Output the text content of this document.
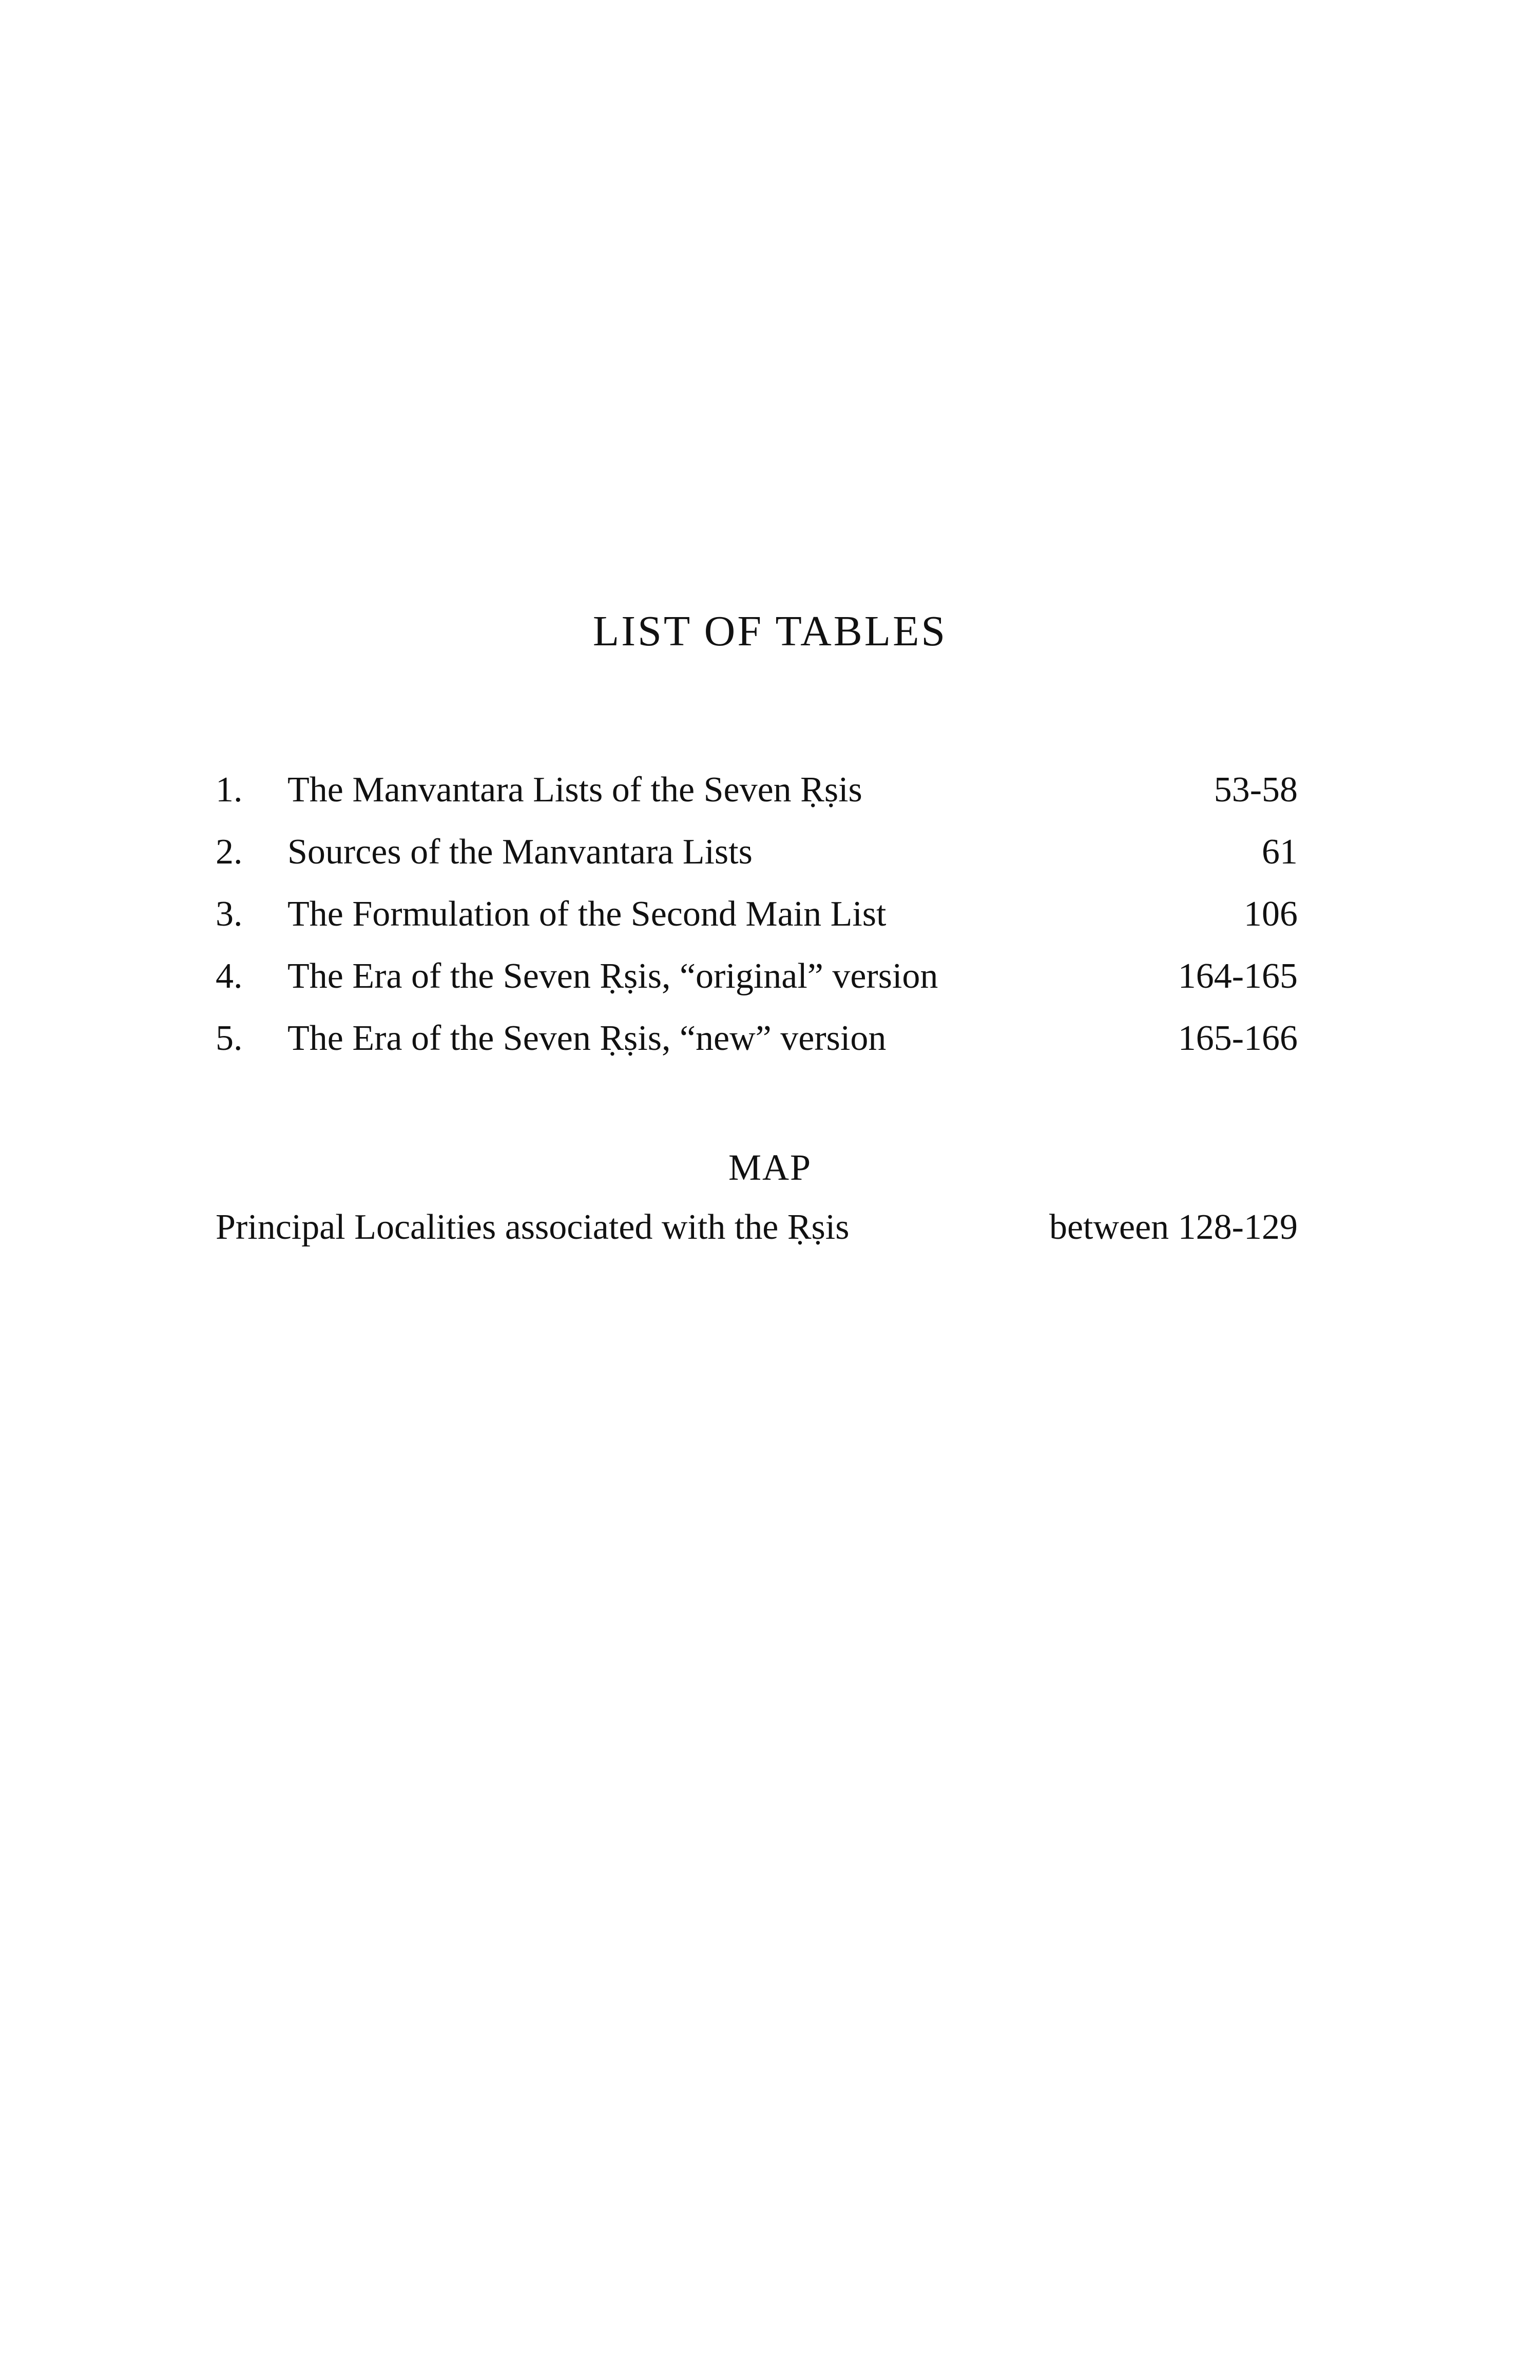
LIST OF TABLES
1. The Manvantara Lists of the Seven Ṛṣis	53-58
2. Sources of the Manvantara Lists	61
3. The Formulation of the Second Main List	106
4. The Era of the Seven Ṛṣis, “original” version	164-165
5. The Era of the Seven Ṛṣis, “new” version	165-166
MAP
Principal Localities associated with the Ṛṣis	between 128-129
